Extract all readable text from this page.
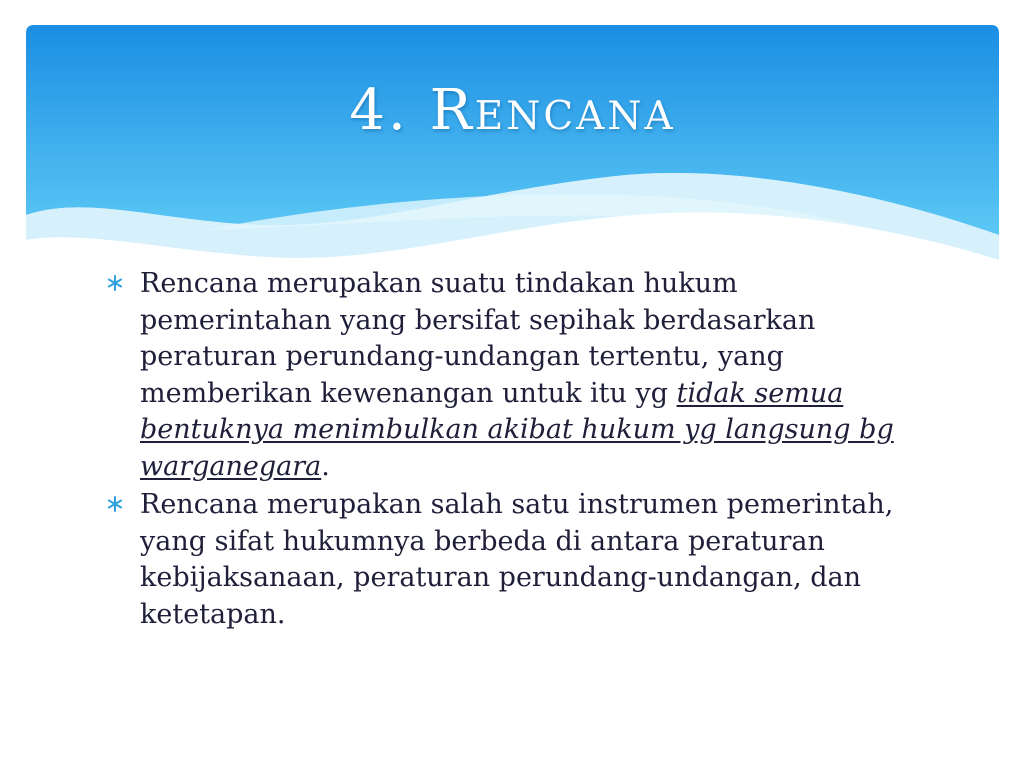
4. Rencana
Rencana merupakan suatu tindakan hukum pemerintahan yang bersifat sepihak berdasarkan peraturan perundang-undangan tertentu, yang memberikan kewenangan untuk itu yg tidak semua bentuknya menimbulkan akibat hukum yg langsung bg warganegara.
Rencana merupakan salah satu instrumen pemerintah, yang sifat hukumnya berbeda di antara peraturan kebijaksanaan, peraturan perundang-undangan, dan ketetapan.
